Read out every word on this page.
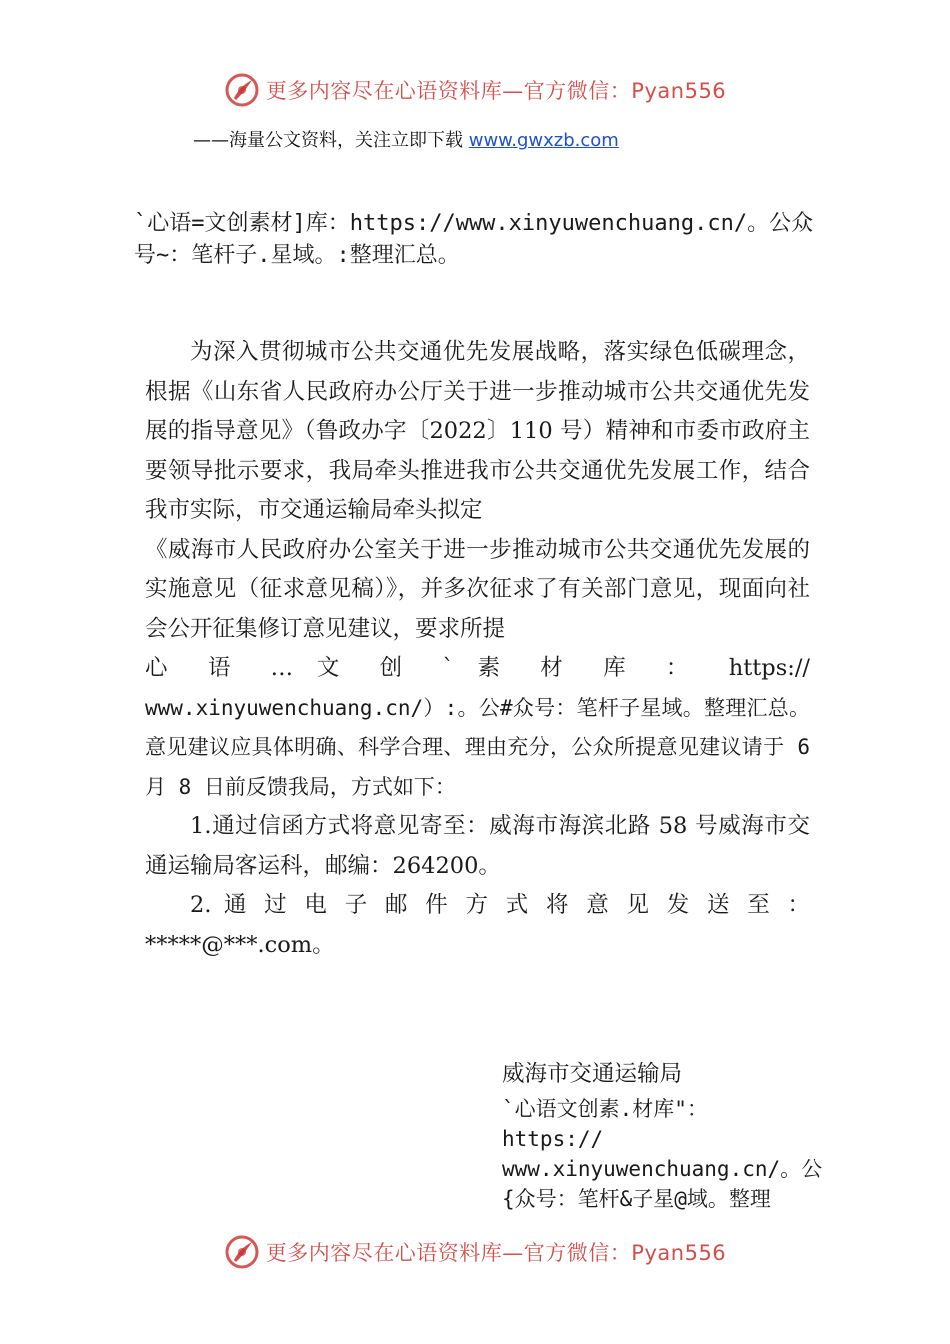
更多内容尽在心语资料库—官方微信：Pyan556
——海量公文资料，关注立即下载 www.gwxzb.com
`心语=文创素材]库：https://www.xinyuwenchuang.cn/。公众
号~：笔杆子.星域。:整理汇总。

为深入贯彻城市公共交通优先发展战略，落实绿色低碳理念，根据《山东省人民政府办公厅关于进一步推动城市公共交通优先发展的指导意见》（鲁政办字〔2022〕110 号）精神和市委市政府主要领导批示要求，我局牵头推进我市公共交通优先发展工作，结合我市实际，市交通运输局牵头拟定

《威海市人民政府办公室关于进一步推动城市公共交通优先发展的实施意见（征求意见稿）》，并多次征求了有关部门意见，现面向社会公开征集修订意见建议，要求所提

心 语 … 文 创 ` 素 材 库 ： https://

www.xinyuwenchuang.cn/）:。公#众号：笔杆子星域。整理汇总。意见建议应具体明确、科学合理、理由充分，公众所提意见建议请于 6 月 8 日前反馈我局，方式如下：

1.通过信函方式将意见寄至：威海市海滨北路 58 号威海市交通运输局客运科，邮编：264200。

2. 通 过 电 子 邮 件 方 式 将 意 见 发 送 至 ：

*****@***.com。

威海市交通运输局
`心语文创素.材库"：
https://
www.xinyuwenchuang.cn/。公
{众号：笔杆&子星@域。整理
更多内容尽在心语资料库—官方微信：Pyan556
